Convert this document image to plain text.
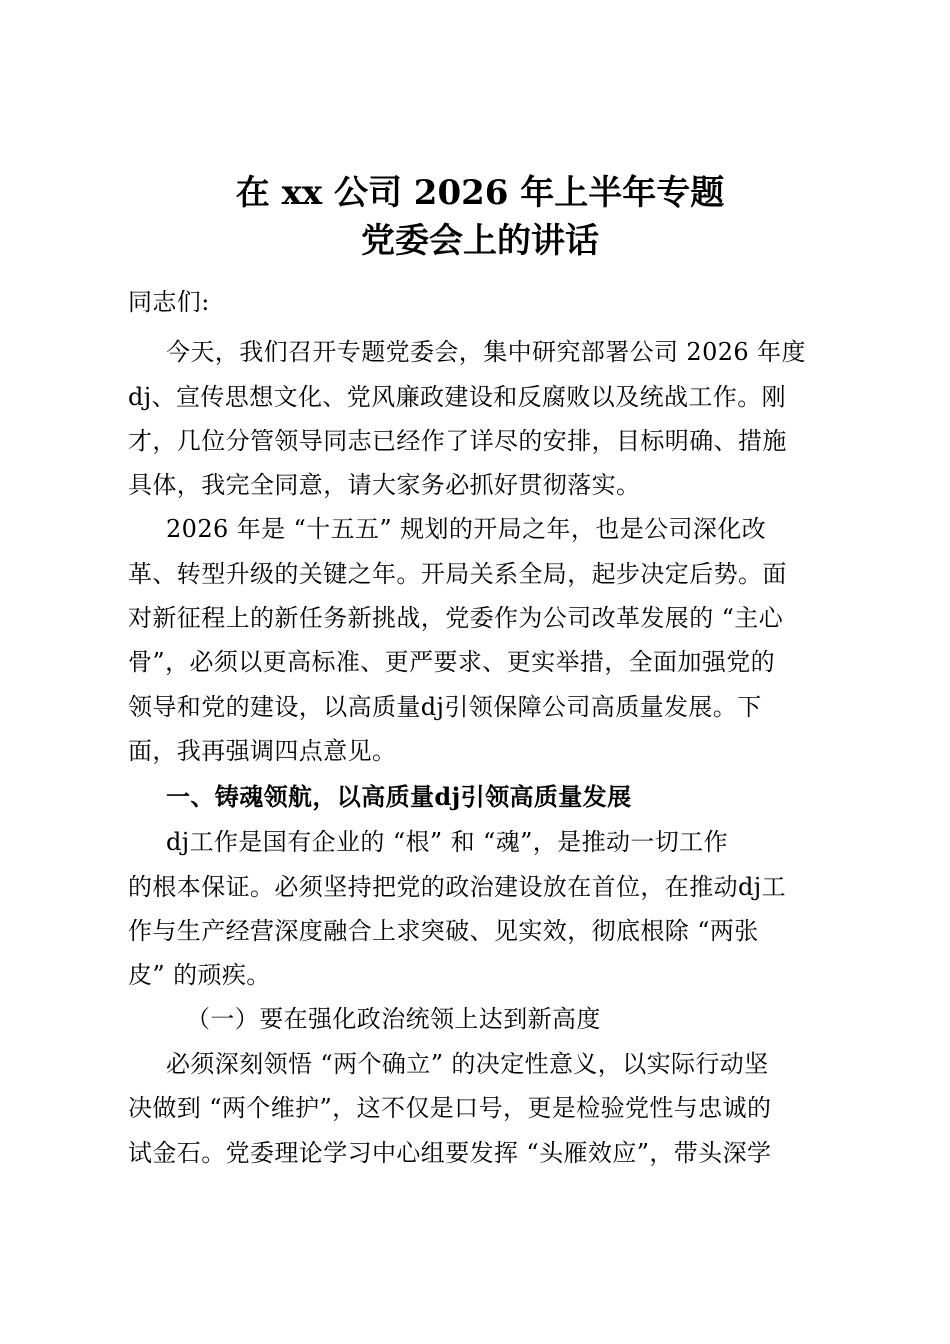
在 xx 公司 2026 年上半年专题
党委会上的讲话
同志们:
今天，我们召开专题党委会，集中研究部署公司 2026 年度
dj、宣传思想文化、党风廉政建设和反腐败以及统战工作。刚
才，几位分管领导同志已经作了详尽的安排，目标明确、措施
具体，我完全同意，请大家务必抓好贯彻落实。
2026 年是 “十五五” 规划的开局之年，也是公司深化改
革、转型升级的关键之年。开局关系全局，起步决定后势。面
对新征程上的新任务新挑战，党委作为公司改革发展的 “主心
骨”，必须以更高标准、更严要求、更实举措，全面加强党的
领导和党的建设，以高质量dj引领保障公司高质量发展。下
面，我再强调四点意见。
一、铸魂领航，以高质量dj引领高质量发展
dj工作是国有企业的 “根” 和 “魂”，是推动一切工作
的根本保证。必须坚持把党的政治建设放在首位，在推动dj工
作与生产经营深度融合上求突破、见实效，彻底根除 “两张
皮” 的顽疾。
（一）要在强化政治统领上达到新高度
必须深刻领悟 “两个确立” 的决定性意义，以实际行动坚
决做到 “两个维护”，这不仅是口号，更是检验党性与忠诚的
试金石。党委理论学习中心组要发挥 “头雁效应”，带头深学
